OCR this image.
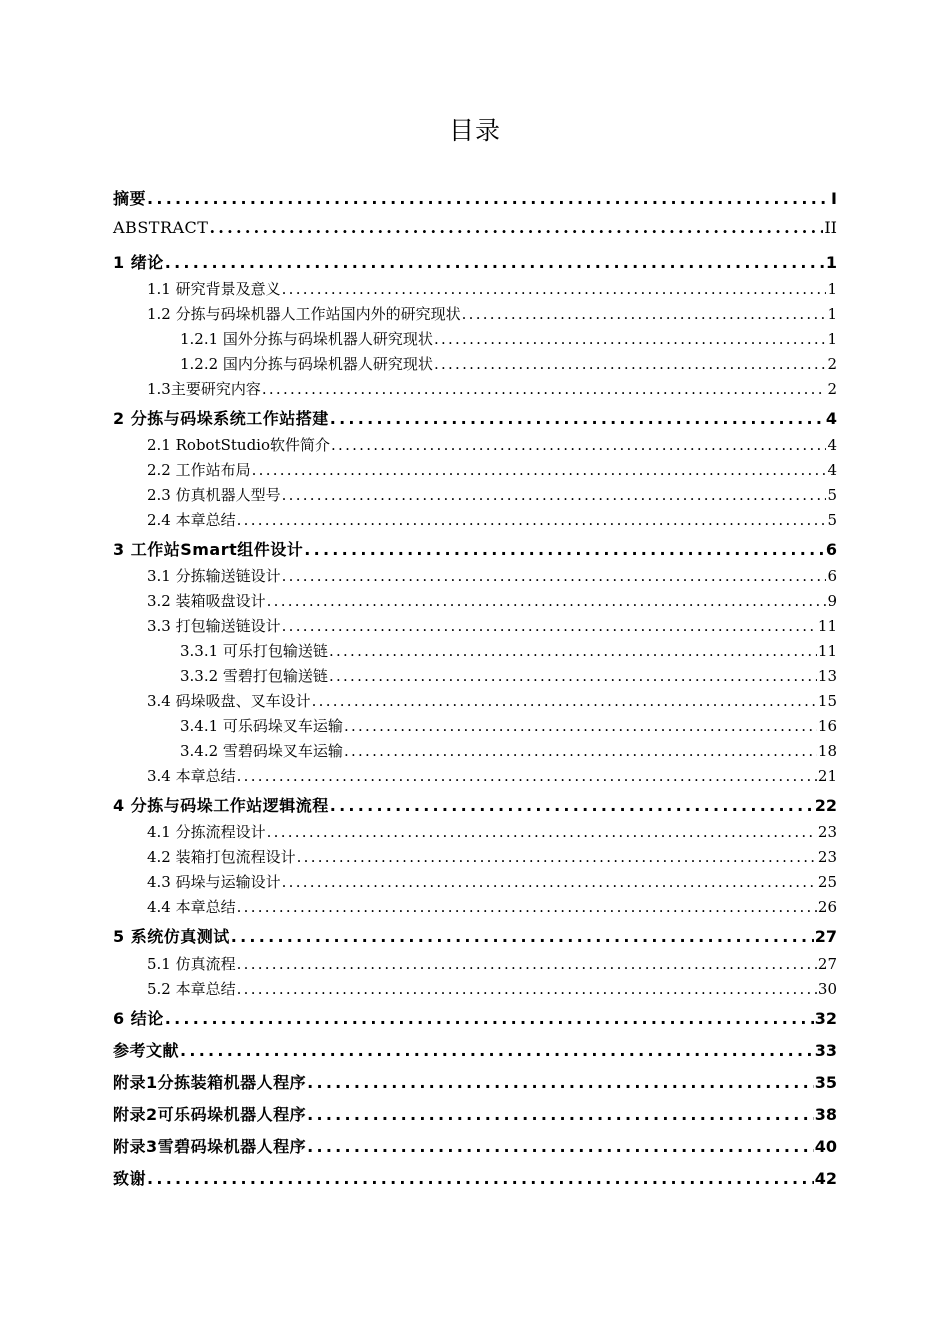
目录
摘要 . . .	I
ABSTRACT . . .	II
1 绪论 . . .	1
1.1 研究背景及意义 . . .	1
1.2 分拣与码垛机器人工作站国内外的研究现状 . . .	1
1.2.1 国外分拣与码垛机器人研究现状 . . .	1
1.2.2 国内分拣与码垛机器人研究现状 . . .	2
1.3主要研究内容 . . .	2
2 分拣与码垛系统工作站搭建 . . .	4
2.1 RobotStudio软件简介 . . .	4
2.2 工作站布局 . . .	4
2.3 仿真机器人型号 . . .	5
2.4 本章总结 . . .	5
3 工作站Smart组件设计 . . .	6
3.1 分拣输送链设计 . . .	6
3.2 装箱吸盘设计 . . .	9
3.3 打包输送链设计 . . .	11
3.3.1 可乐打包输送链 . . .	11
3.3.2 雪碧打包输送链 . . .	13
3.4 码垛吸盘、叉车设计 . . .	15
3.4.1 可乐码垛叉车运输 . . .	16
3.4.2 雪碧码垛叉车运输 . . .	18
3.4 本章总结 . . .	21
4 分拣与码垛工作站逻辑流程 . . .	22
4.1 分拣流程设计 . . .	23
4.2 装箱打包流程设计 . . .	23
4.3 码垛与运输设计 . . .	25
4.4 本章总结 . . .	26
5 系统仿真测试 . . .	27
5.1 仿真流程 . . .	27
5.2 本章总结 . . .	30
6 结论 . . .	32
参考文献 . . .	33
附录1分拣装箱机器人程序 . . .	35
附录2可乐码垛机器人程序 . . .	38
附录3雪碧码垛机器人程序 . . .	40
致谢 . . .	42
